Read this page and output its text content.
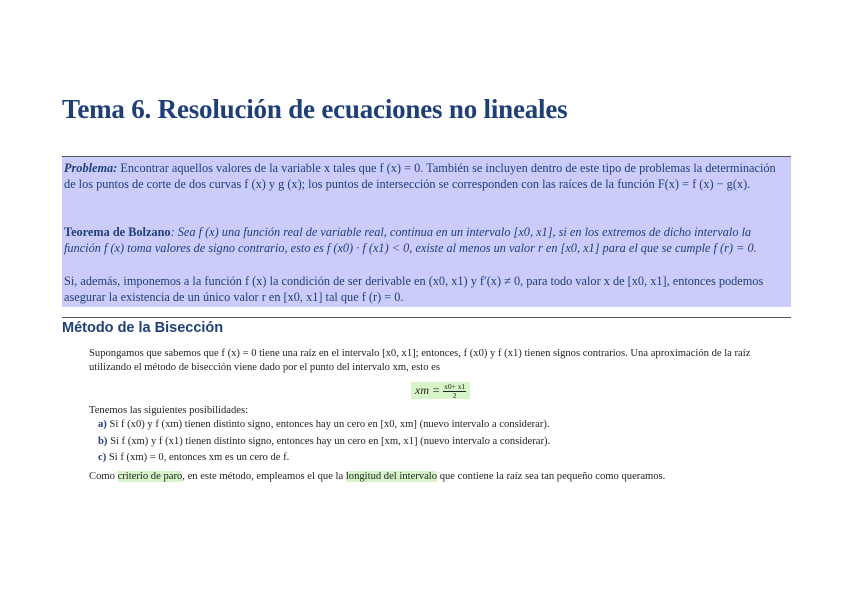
Tema 6. Resolución de ecuaciones no lineales

Problema: Encontrar aquellos valores de la variable x tales que f (x) = 0. También se incluyen dentro de este tipo de problemas la determinación de los puntos de corte de dos curvas f (x) y g (x); los puntos de intersección se corresponden con las raíces de la función F(x) = f (x) − g(x).

Teorema de Bolzano: Sea f (x) una función real de variable real, continua en un intervalo [x0, x1], si en los extremos de dicho intervalo la función f (x) toma valores de signo contrario, esto es f (x0) · f (x1) < 0, existe al menos un valor r en [x0, x1] para el que se cumple f (r) = 0.

Si, además, imponemos a la función f (x) la condición de ser derivable en (x0, x1) y f′(x) ≠ 0, para todo valor x de [x0, x1], entonces podemos asegurar la existencia de un único valor r en [x0, x1] tal que f (r) = 0.

Método de la Bisección
Supongamos que sabemos que f (x) = 0 tiene una raíz en el intervalo [x0, x1]; entonces, f (x0) y f (x1) tienen signos contrarios. Una aproximación de la raíz utilizando el método de bisección viene dado por el punto del intervalo xm, esto es
xm = $\frac{x0+ x1}{2}$
Tenemos las siguientes posibilidades:
a) Si f (x0) y f (xm) tienen distinto signo, entonces hay un cero en [x0, xm] (nuevo intervalo a considerar).
b) Si f (xm) y f (x1) tienen distinto signo, entonces hay un cero en [xm, x1] (nuevo intervalo a considerar).
c) Si f (xm) = 0, entonces xm es un cero de f.
Como criterio de paro, en este método, empleamos el que la longitud del intervalo que contiene la raíz sea tan pequeño como queramos.
